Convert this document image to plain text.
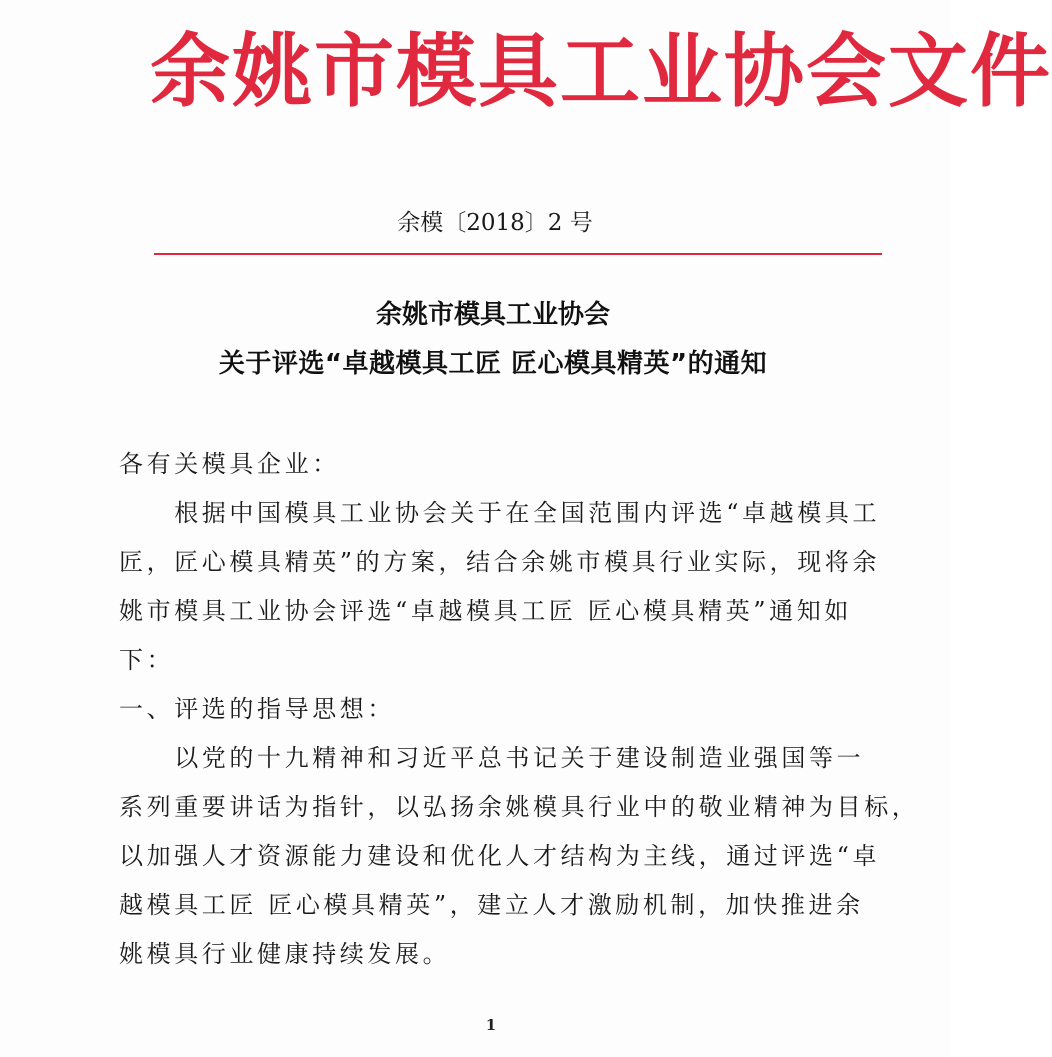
余姚市模具工业协会文件
余模〔2018〕2 号
余姚市模具工业协会
关于评选“卓越模具工匠 匠心模具精英”的通知

各有关模具企业：

　　根据中国模具工业协会关于在全国范围内评选“卓越模具工

匠，匠心模具精英”的方案，结合余姚市模具行业实际，现将余

姚市模具工业协会评选“卓越模具工匠 匠心模具精英”通知如

下：

一、评选的指导思想：

　　以党的十九精神和习近平总书记关于建设制造业强国等一

系列重要讲话为指针，以弘扬余姚模具行业中的敬业精神为目标，

以加强人才资源能力建设和优化人才结构为主线，通过评选“卓

越模具工匠 匠心模具精英”，建立人才激励机制，加快推进余

姚模具行业健康持续发展。

1
